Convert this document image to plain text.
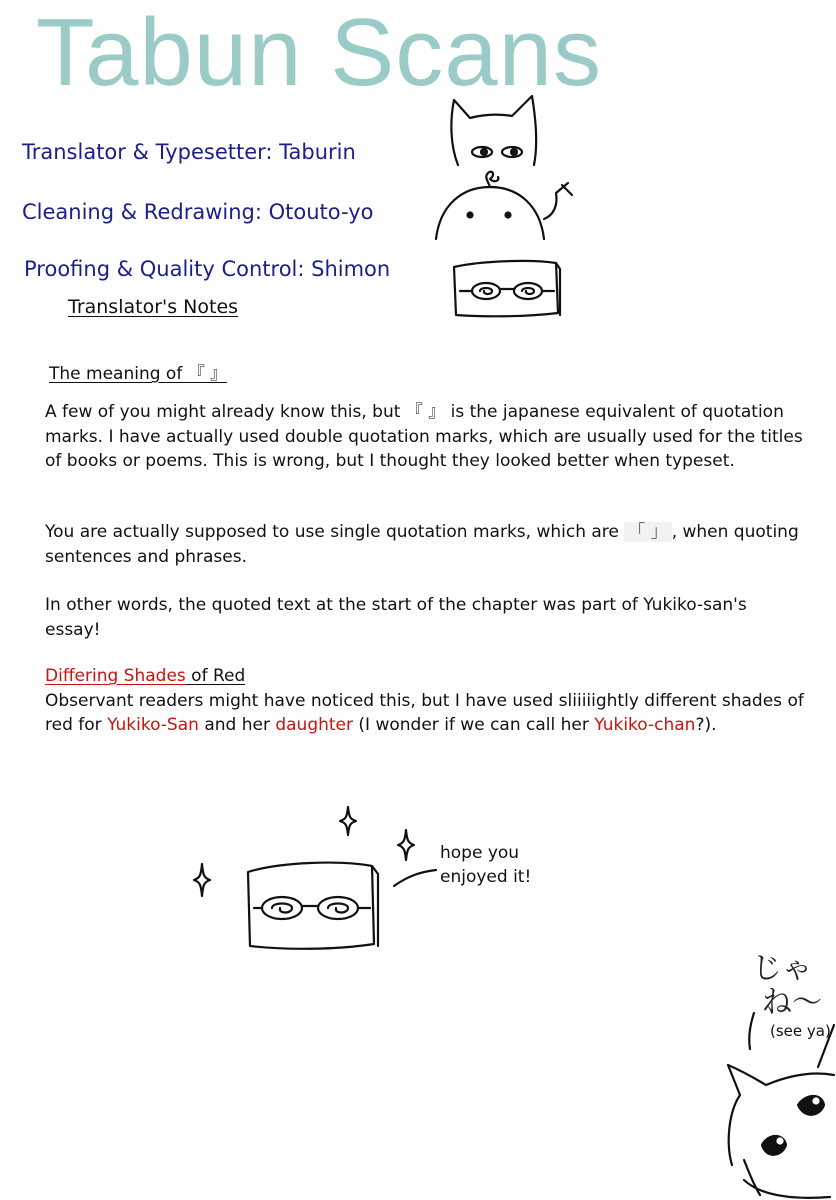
Tabun Scans
Translator & Typesetter: Taburin
Cleaning & Redrawing: Otouto-yo
Proofing & Quality Control: Shimon
Translator's Notes
The meaning of 『 』

A few of you might already know this, but 『 』 is the japanese equivalent of quotation marks. I have actually used double quotation marks, which are usually used for the titles of books or poems. This is wrong, but I thought they looked better when typeset.

You are actually supposed to use single quotation marks, which are 「 」 , when quoting sentences and phrases.

In other words, the quoted text at the start of the chapter was part of Yukiko-san's essay!

Differing Shades of Red

Observant readers might have noticed this, but I have used sliiiiightly different shades of red for Yukiko-San and her daughter (I wonder if we can call her Yukiko-chan?).

hope you
enjoyed it!
じゃ
ね〜
(see ya)
